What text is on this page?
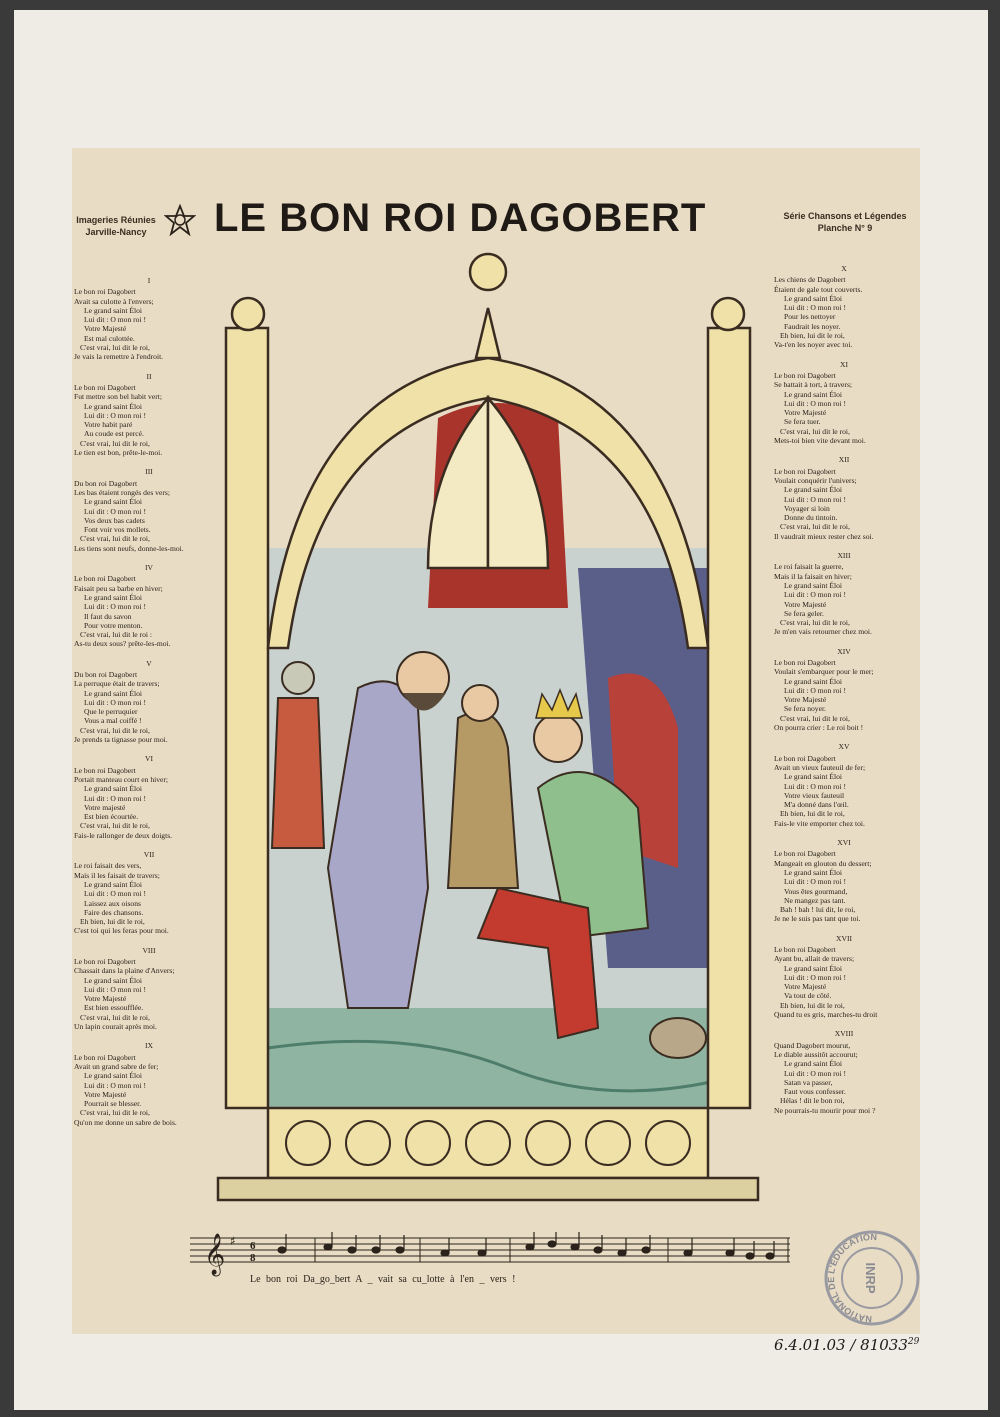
Imageries Réunies
Jarville-Nancy LE BON ROI DAGOBERT	Série Chansons et Légendes
Planche N° 9
I
Le bon roi Dagobert
Avait sa culotte à l'envers;
Le grand saint Éloi
Lui dit : O mon roi !
Votre Majesté
Est mal culottée.
C'est vrai, lui dit le roi,
Je vais la remettre à l'endroit.
II
Le bon roi Dagobert
Fut mettre son bel habit vert;
Le grand saint Éloi
Lui dit : O mon roi !
Votre habit paré
Au coude est percé.
C'est vrai, lui dit le roi,
Le tien est bon, prête-le-moi.
III
Du bon roi Dagobert
Les bas étaient rongés des vers;
Le grand saint Éloi
Lui dit : O mon roi !
Vos deux bas cadets
Font voir vos mollets.
C'est vrai, lui dit le roi,
Les tiens sont neufs, donne-les-moi.
IV
Le bon roi Dagobert
Faisait peu sa barbe en hiver;
Le grand saint Éloi
Lui dit : O mon roi !
Il faut du savon
Pour votre menton.
C'est vrai, lui dit le roi :
As-tu deux sous? prête-les-moi.
V
Du bon roi Dagobert
La perruque était de travers;
Le grand saint Éloi
Lui dit : O mon roi !
Que le perruquier
Vous a mal coiffé !
C'est vrai, lui dit le roi,
Je prends ta tignasse pour moi.
VI
Le bon roi Dagobert
Portait manteau court en hiver;
Le grand saint Éloi
Lui dit : O mon roi !
Votre majesté
Est bien écourtée.
C'est vrai, lui dit le roi,
Fais-le rallonger de deux doigts.
VII
Le roi faisait des vers,
Mais il les faisait de travers;
Le grand saint Éloi
Lui dit : O mon roi !
Laissez aux oisons
Faire des chansons.
Eh bien, lui dit le roi,
C'est toi qui les feras pour moi.
VIII
Le bon roi Dagobert
Chassait dans la plaine d'Anvers;
Le grand saint Éloi
Lui dit : O mon roi !
Votre Majesté
Est bien essoufflée.
C'est vrai, lui dit le roi,
Un lapin courait après moi.
IX
Le bon roi Dagobert
Avait un grand sabre de fer;
Le grand saint Éloi
Lui dit : O mon roi !
Votre Majesté
Pourrait se blesser.
C'est vrai, lui dit le roi,
Qu'on me donne un sabre de bois.
X
Les chiens de Dagobert
Étaient de gale tout couverts.
Le grand saint Éloi
Lui dit : O mon roi !
Pour les nettoyer
Faudrait les noyer.
Eh bien, lui dit le roi,
Va-t'en les noyer avec toi.
XI
Le bon roi Dagobert
Se battait à tort, à travers;
Le grand saint Éloi
Lui dit : O mon roi !
Votre Majesté
Se fera tuer.
C'est vrai, lui dit le roi,
Mets-toi bien vite devant moi.
XII
Le bon roi Dagobert
Voulait conquérir l'univers;
Le grand saint Éloi
Lui dit : O mon roi !
Voyager si loin
Donne du tintoin.
C'est vrai, lui dit le roi,
Il vaudrait mieux rester chez soi.
XIII
Le roi faisait la guerre,
Mais il la faisait en hiver;
Le grand saint Éloi
Lui dit : O mon roi !
Votre Majesté
Se fera geler.
C'est vrai, lui dit le roi,
Je m'en vais retourner chez moi.
XIV
Le bon roi Dagobert
Voulait s'embarquer pour le mer;
Le grand saint Éloi
Lui dit : O mon roi !
Votre Majesté
Se fera noyer.
C'est vrai, lui dit le roi,
On pourra crier : Le roi boit !
XV
Le bon roi Dagobert
Avait un vieux fauteuil de fer;
Le grand saint Éloi
Lui dit : O mon roi !
Votre vieux fauteuil
M'a donné dans l'œil.
Eh bien, lui dit le roi,
Fais-le vite emporter chez toi.
XVI
Le bon roi Dagobert
Mangeait en glouton du dessert;
Le grand saint Éloi
Lui dit : O mon roi !
Vous êtes gourmand,
Ne mangez pas tant.
Bah ! bah ! lui dit, le roi,
Je ne le suis pas tant que toi.
XVII
Le bon roi Dagobert
Ayant bu, allait de travers;
Le grand saint Éloi
Lui dit : O mon roi !
Votre Majesté
Va tout de côté.
Eh bien, lui dit le roi,
Quand tu es gris, marches-tu droit
XVIII
Quand Dagobert mourut,
Le diable aussitôt accourut;
Le grand saint Éloi
Lui dit : O mon roi !
Satan va passer,
Faut vous confesser.
Hélas ! dit le bon roi,
Ne pourrais-tu mourir pour moi ?
𝄞 ♯ 6
8
Le bon roi Da_go_bert A _ vait sa cu_lotte à l'en _ vers !
NATIONAL DE L'ÉDUCATION
INRP
6.4.01.03 / 81033$^{29}$
